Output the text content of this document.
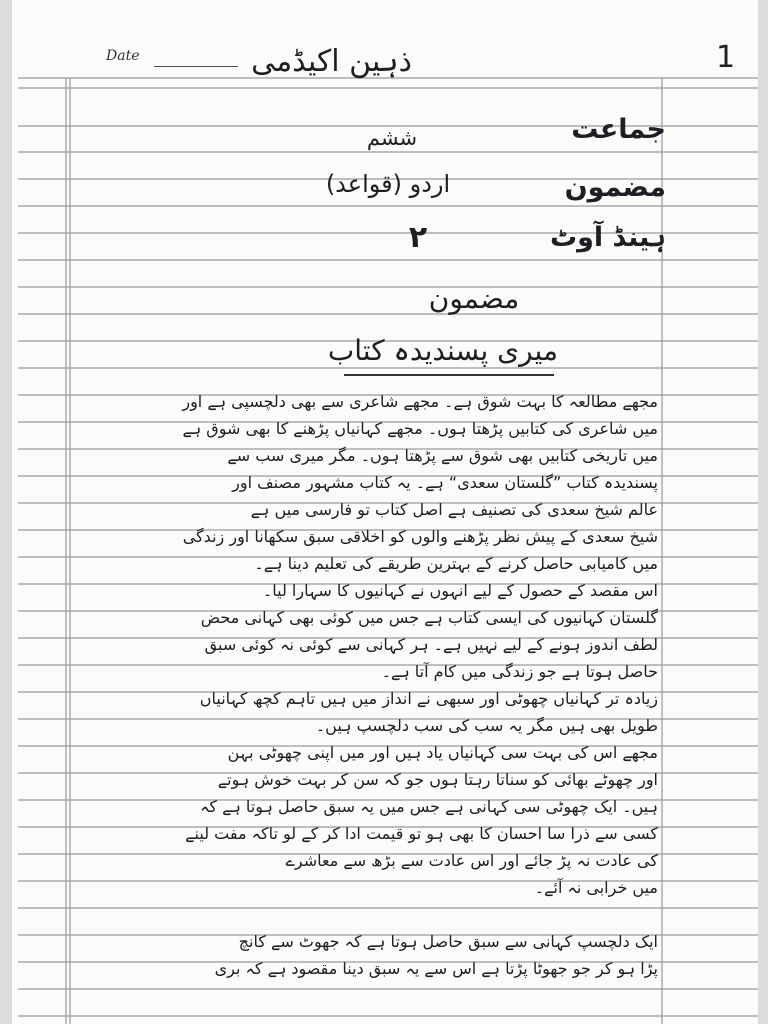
Date	1
ذہین اکیڈمی
جماعت
ششم
مضمون
اردو (قواعد)
ہینڈ آوٹ
۲
مضمون
میری پسندیدہ کتاب
مجھے مطالعہ کا بہت شوق ہے۔ مجھے شاعری سے بھی دلچسپی ہے اور
میں شاعری کی کتابیں پڑھتا ہوں۔ مجھے کہانیاں پڑھنے کا بھی شوق ہے
میں تاریخی کتابیں بھی شوق سے پڑھتا ہوں۔ مگر میری سب سے
پسندیدہ کتاب ”گلستان سعدی“ ہے۔ یہ کتاب مشہور مصنف اور
عالم شیخ سعدی کی تصنیف ہے اصل کتاب تو فارسی میں ہے
شیخ سعدی کے پیش نظر پڑھنے والوں کو اخلاقی سبق سکھانا اور زندگی
میں کامیابی حاصل کرنے کے بہترین طریقے کی تعلیم دینا ہے۔
اس مقصد کے حصول کے لیے انہوں نے کہانیوں کا سہارا لیا۔
گلستان کہانیوں کی ایسی کتاب ہے جس میں کوئی بھی کہانی محض
لطف اندوز ہونے کے لیے نہیں ہے۔ ہر کہانی سے کوئی نہ کوئی سبق
حاصل ہوتا ہے جو زندگی میں کام آتا ہے۔
زیادہ تر کہانیاں چھوٹی اور سبھی نے انداز میں ہیں تاہم کچھ کہانیاں
طویل بھی ہیں مگر یہ سب کی سب دلچسپ ہیں۔
مجھے اس کی بہت سی کہانیاں یاد ہیں اور میں اپنی چھوٹی بہن
اور چھوٹے بھائی کو سناتا رہتا ہوں جو کہ سن کر بہت خوش ہوتے
ہیں۔ ایک چھوٹی سی کہانی ہے جس میں یہ سبق حاصل ہوتا ہے کہ
کسی سے ذرا سا احسان کا بھی ہو تو قیمت ادا کر کے لو تاکہ مفت لینے
کی عادت نہ پڑ جائے اور اس عادت سے بڑھ سے معاشرے
میں خرابی نہ آئے۔
ایک دلچسپ کہانی سے سبق حاصل ہوتا ہے کہ جھوٹ سے کانچ
پڑا ہو کر جو جھوٹا پڑتا ہے اس سے یہ سبق دینا مقصود ہے کہ بری
